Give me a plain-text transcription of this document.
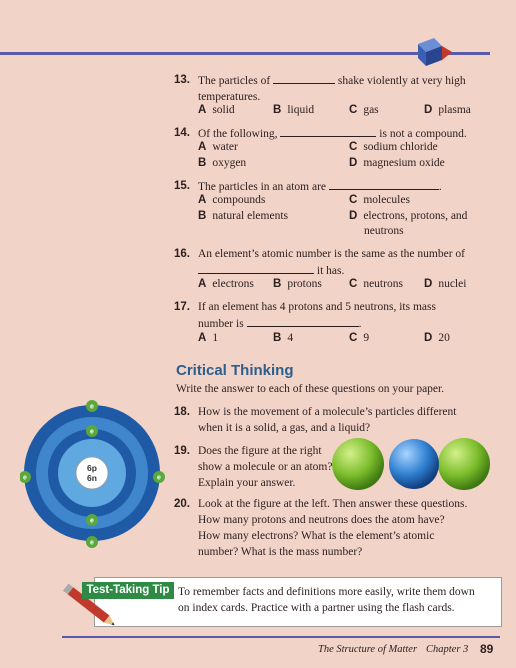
13. The particles of	shake violently at very high
temperatures.
A solid	B liquid	C gas	D plasma
14. Of the following,	is not a compound.
A water	C sodium chloride
B oxygen	D magnesium oxide
15. The particles in an atom are	.
A compounds	C molecules
B natural elements	D electrons, protons, and
neutrons
16. An element’s atomic number is the same as the number of
it has.
A electrons B protons C neutrons D nuclei
17. If an element has 4 protons and 5 neutrons, its mass
number is	.
A 1	B 4	C 9	D 20
Critical Thinking
Write the answer to each of these questions on your paper.
18. How is the movement of a molecule’s particles different
when it is a solid, a gas, and a liquid?
19. Does the figure at the right
show a molecule or an atom?
Explain your answer.
20. Look at the figure at the left. Then answer these questions.
How many protons and neutrons does the atom have?
How many electrons? What is the element’s atomic
number? What is the mass number?
6p
6n
e
e
e	e
e
e
Test-Taking Tip To remember facts and definitions more easily, write them down
on index cards. Practice with a partner using the flash cards.
The Structure of Matter Chapter 3 89
